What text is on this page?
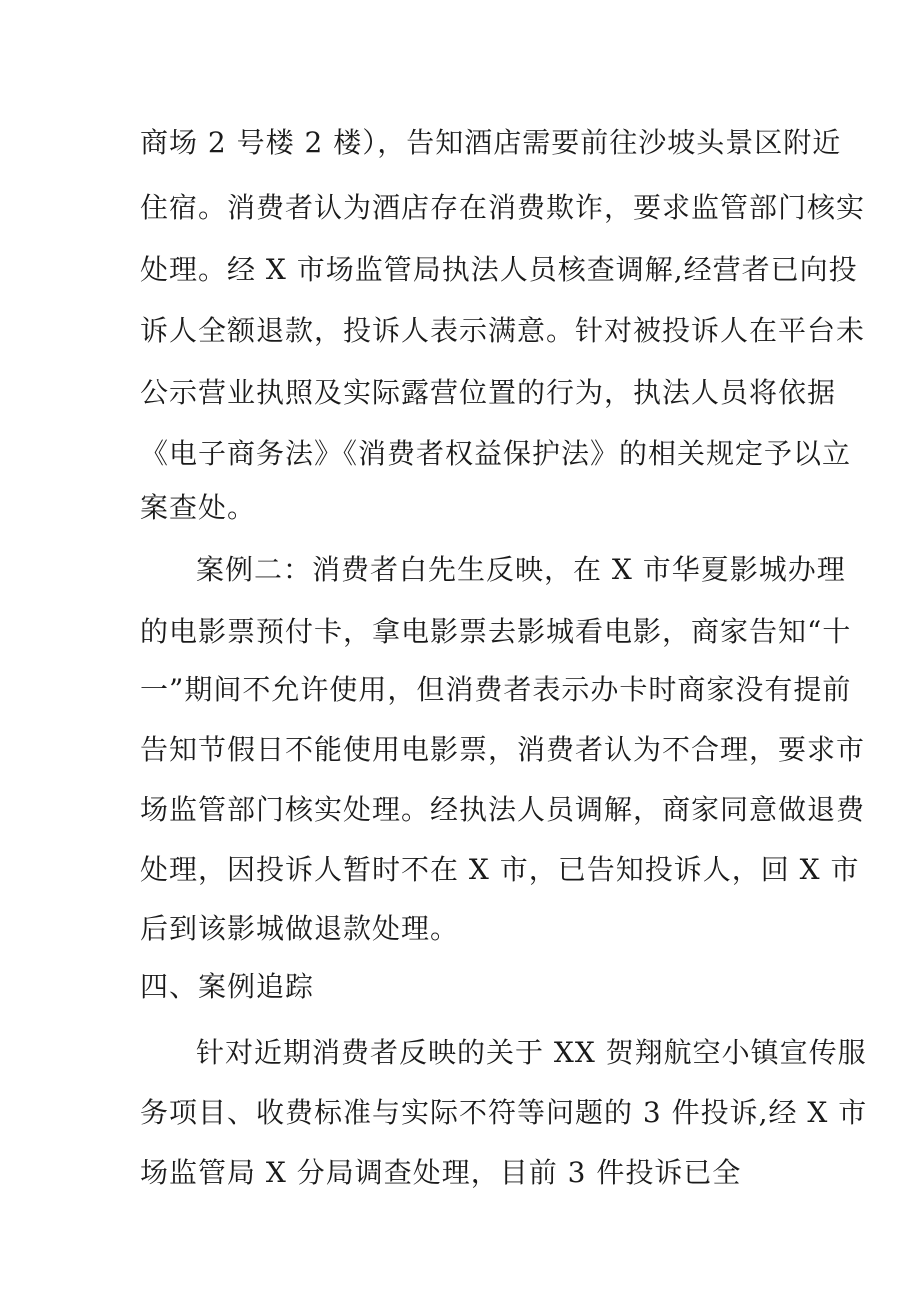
商场 2 号楼 2 楼），告知酒店需要前往沙坡头景区附近
住宿。消费者认为酒店存在消费欺诈，要求监管部门核实
处理。经 X 市场监管局执法人员核查调解,经营者已向投
诉人全额退款，投诉人表示满意。针对被投诉人在平台未
公示营业执照及实际露营位置的行为，执法人员将依据
《电子商务法》《消费者权益保护法》的相关规定予以立
案查处。
案例二：消费者白先生反映，在 X 市华夏影城办理
的电影票预付卡，拿电影票去影城看电影，商家告知“十
一”期间不允许使用，但消费者表示办卡时商家没有提前
告知节假日不能使用电影票，消费者认为不合理，要求市
场监管部门核实处理。经执法人员调解，商家同意做退费
处理，因投诉人暂时不在 X 市，已告知投诉人，回 X 市
后到该影城做退款处理。
四、案例追踪
针对近期消费者反映的关于 XX 贺翔航空小镇宣传服
务项目、收费标准与实际不符等问题的 3 件投诉,经 X 市
场监管局 X 分局调查处理，目前 3 件投诉已全
